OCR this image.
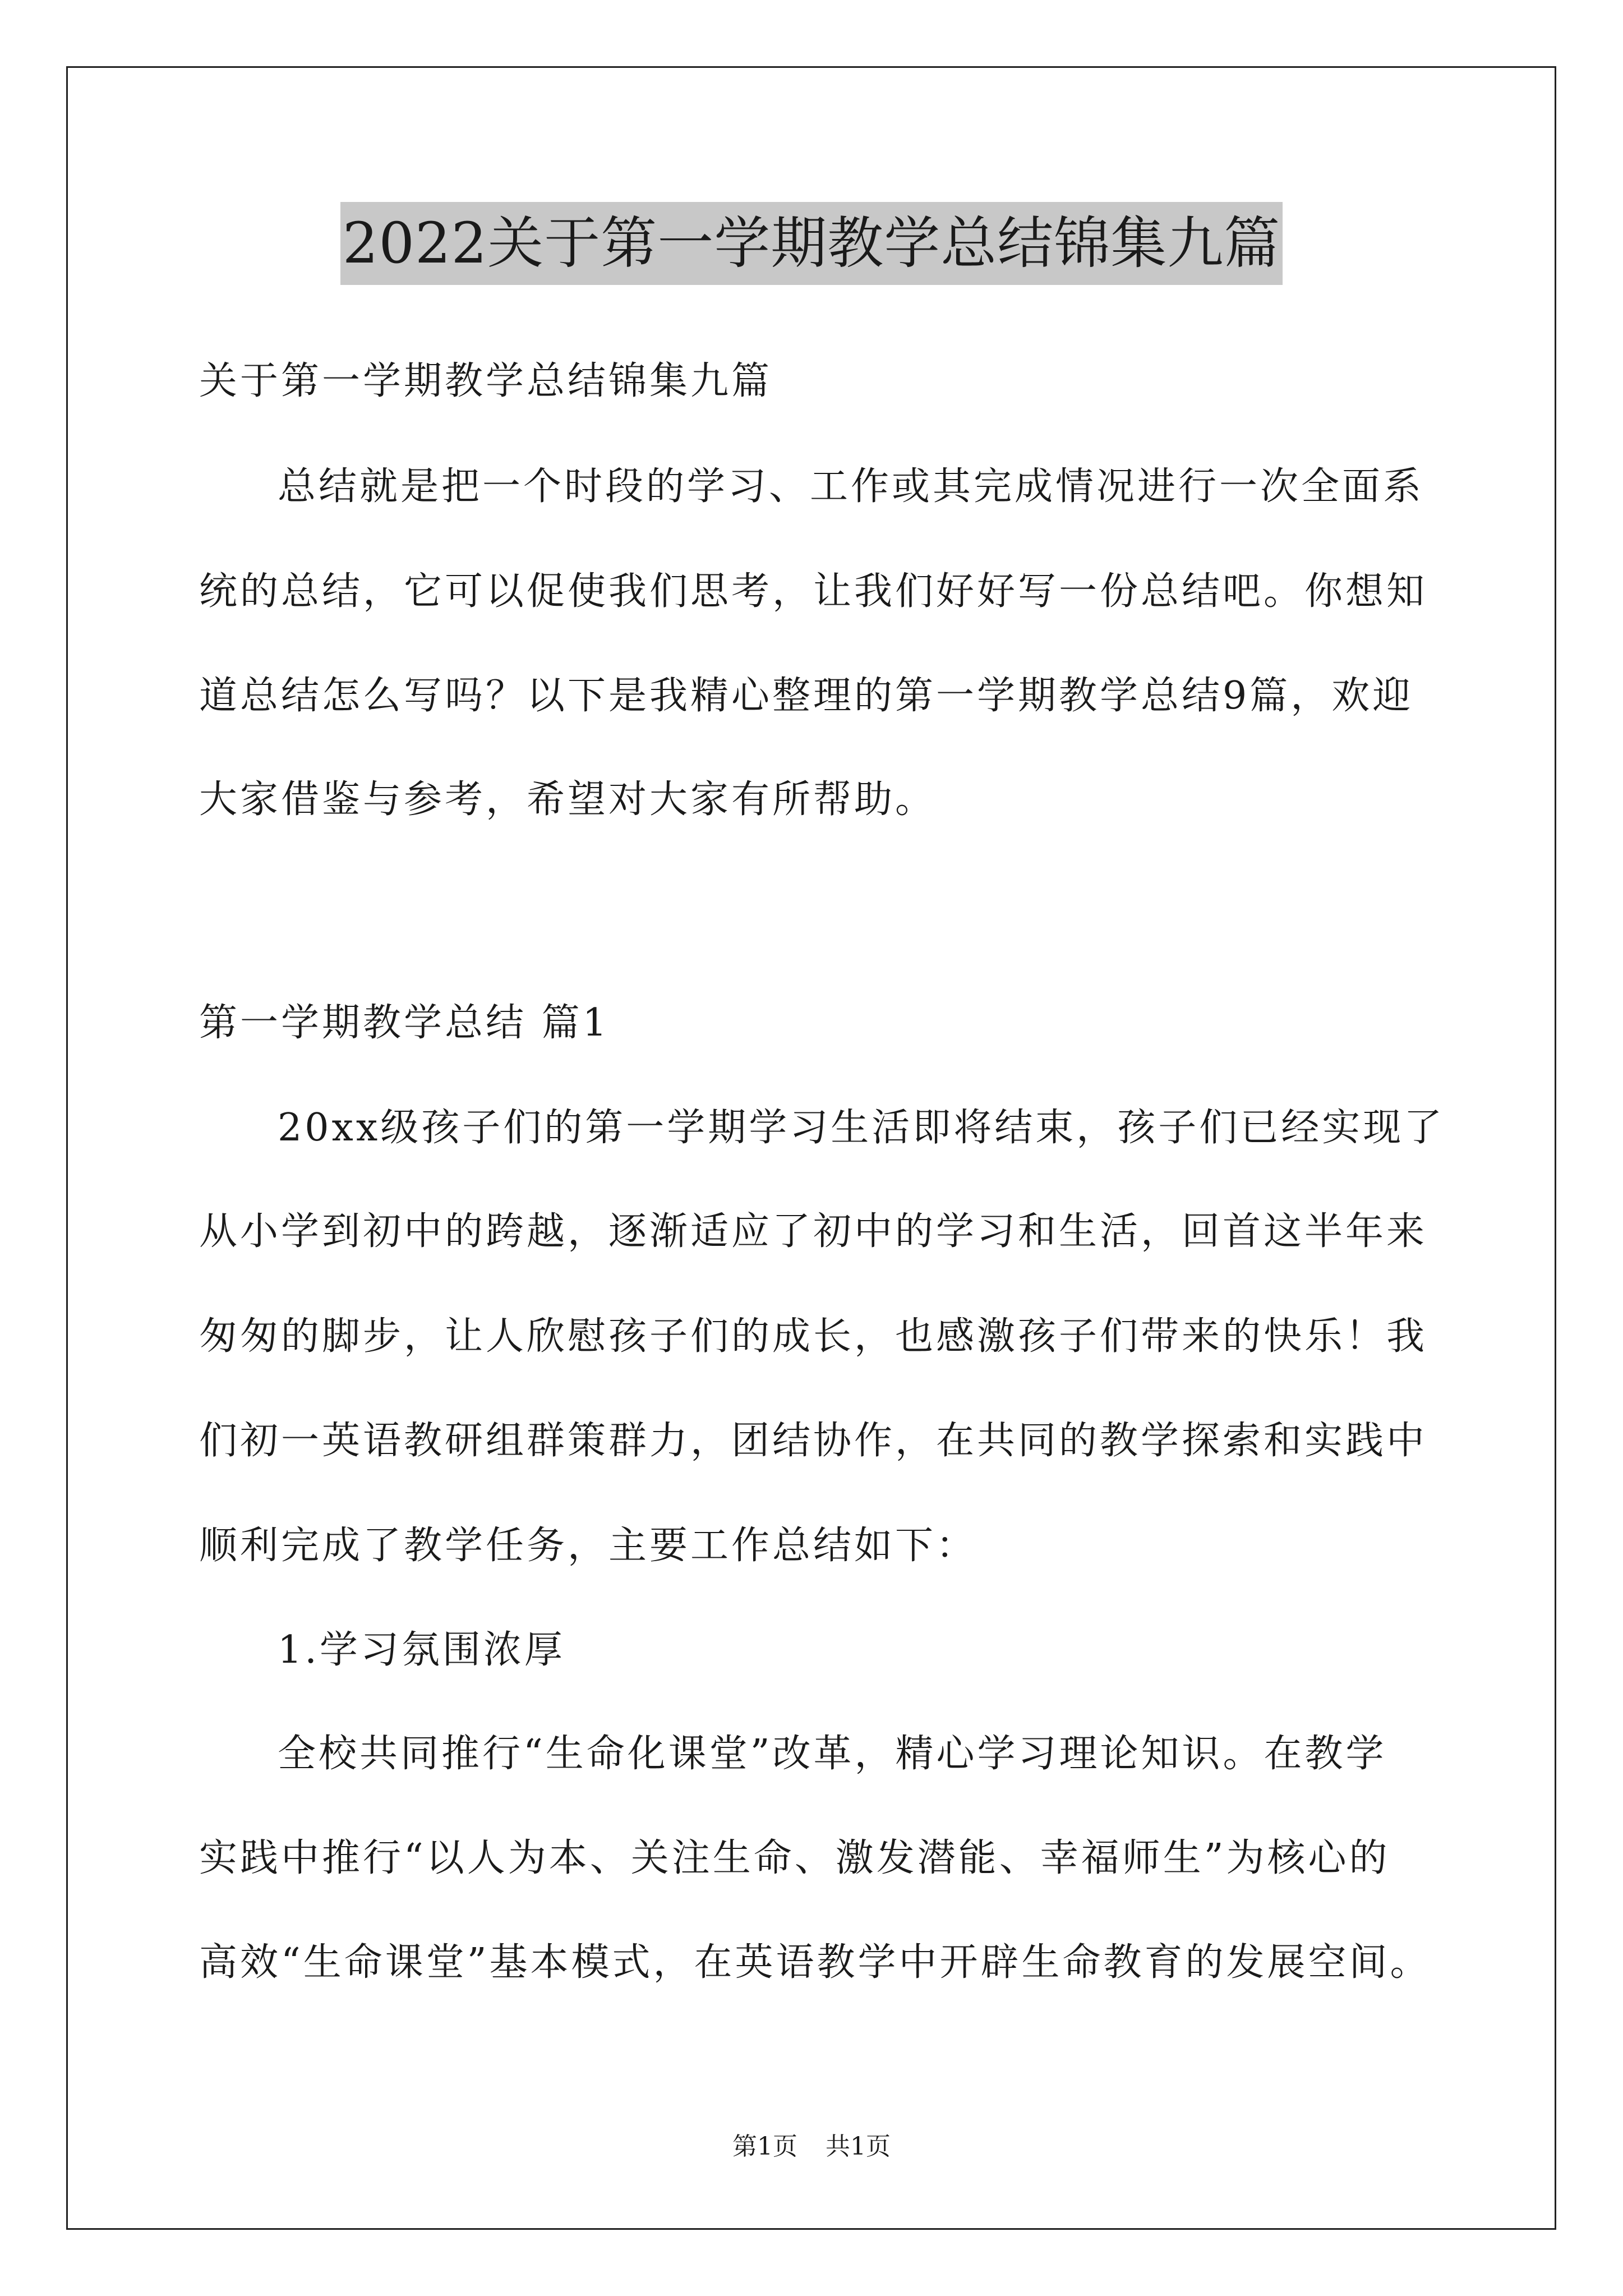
2022关于第一学期教学总结锦集九篇
关于第一学期教学总结锦集九篇
总结就是把一个时段的学习、工作或其完成情况进行一次全面系
统的总结，它可以促使我们思考，让我们好好写一份总结吧。你想知
道总结怎么写吗？以下是我精心整理的第一学期教学总结9篇，欢迎
大家借鉴与参考，希望对大家有所帮助。
第一学期教学总结 篇1
20xx级孩子们的第一学期学习生活即将结束，孩子们已经实现了
从小学到初中的跨越，逐渐适应了初中的学习和生活，回首这半年来
匆匆的脚步，让人欣慰孩子们的成长，也感激孩子们带来的快乐！我
们初一英语教研组群策群力，团结协作，在共同的教学探索和实践中
顺利完成了教学任务，主要工作总结如下：
1.学习氛围浓厚
全校共同推行“生命化课堂”改革，精心学习理论知识。在教学
实践中推行“以人为本、关注生命、激发潜能、幸福师生”为核心的
高效“生命课堂”基本模式，在英语教学中开辟生命教育的发展空间。
第1页 共1页
